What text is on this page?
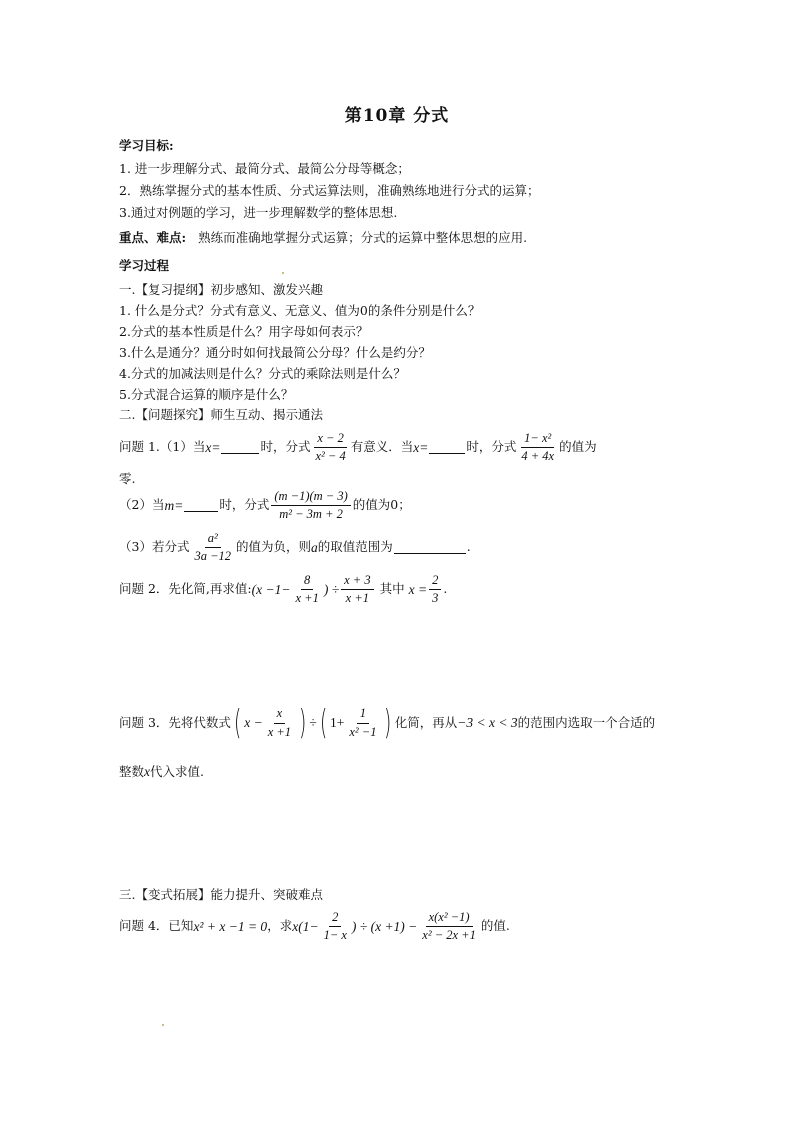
第10章 分式
学习目标:
1. 进一步理解分式、最简分式、最简公分母等概念；
2．熟练掌握分式的基本性质、分式运算法则，准确熟练地进行分式的运算；
3.通过对例题的学习，进一步理解数学的整体思想.
重点、难点: 熟练而准确地掌握分式运算；分式的运算中整体思想的应用.
学习过程
一.【复习提纲】初步感知、激发兴趣
1. 什么是分式？分式有意义、无意义、值为0的条件分别是什么？
2.分式的基本性质是什么？用字母如何表示？
3.什么是通分？通分时如何找最简公分母？什么是约分？
4.分式的加减法则是什么？分式的乘除法则是什么？
5.分式混合运算的顺序是什么？
二.【问题探究】师生互动、揭示通法
问题 1.（1）当 x=	时，分式 $\frac{x - 2}{\text{x² − 4}}$ 有意义．当 x=	时，分式 $\frac{\text{1− x²}}{4 + 4x}$ 的值为
零.
（2）当 m=	时，分式 $\frac{(m -1)(m - 3)}{\text{m² − 3m + 2}}$ 的值为0；
（3）若分式 $\frac{\text{a²}}{3a -12}$ 的值为负，则 a 的取值范围为	.
问题 2．先化简,再求值: ($x -1- \frac{8}{x +1}$ ) ÷ $\frac{x + 3}{x +1}$ 其中 $x = \frac{2}{3}$ .
问题 3．先将代数式 ( $x - \frac{x}{x +1}$ ) ÷ ( $1+ \frac{1}{\text{x² −1}}$ ) 化简，再从 −3 < x < 3 的范围内选取一个合适的
整数x代入求值.
三.【变式拓展】能力提升、突破难点
问题 4．已知 x² + x −1 = 0 ，求 $x(1- \frac{2}{1- x}$ ) ÷ $(x +1) - \frac{\text{x(x² −1)}}{\text{x² − 2x +1}}$ 的值.
